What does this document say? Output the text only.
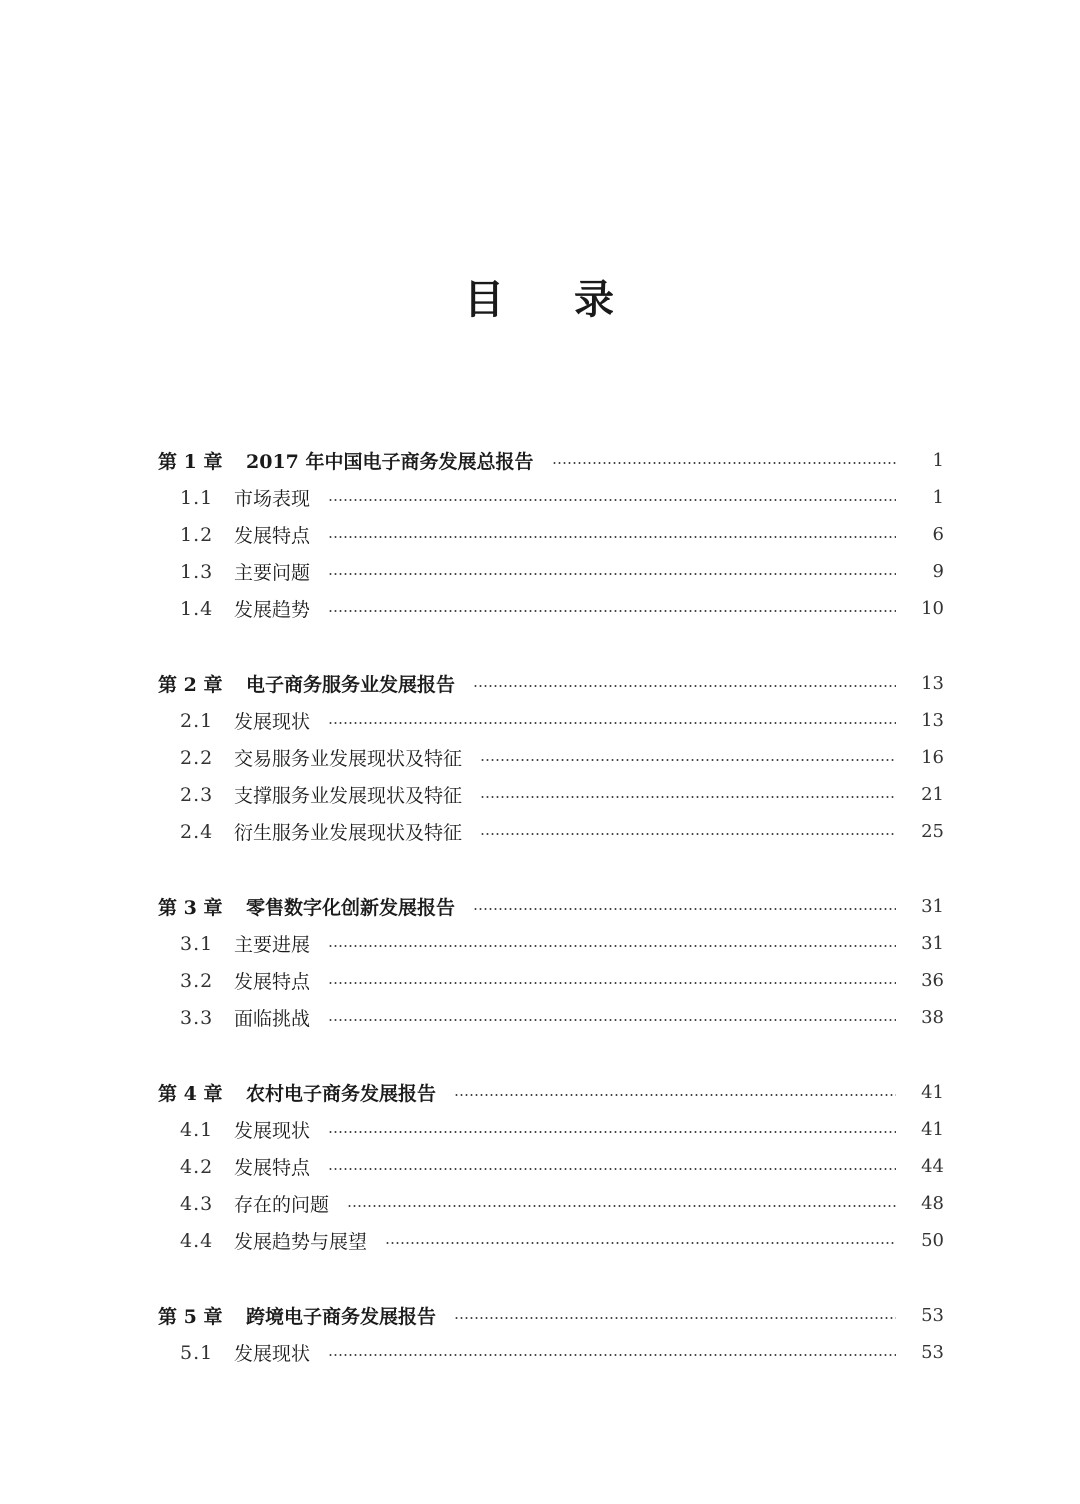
目 录
第 1 章	2017 年中国电子商务发展总报告	1
1.1	市场表现	1
1.2	发展特点	6
1.3	主要问题	9
1.4	发展趋势	10
第 2 章	电子商务服务业发展报告	13
2.1	发展现状	13
2.2	交易服务业发展现状及特征	16
2.3	支撑服务业发展现状及特征	21
2.4	衍生服务业发展现状及特征	25
第 3 章	零售数字化创新发展报告	31
3.1	主要进展	31
3.2	发展特点	36
3.3	面临挑战	38
第 4 章	农村电子商务发展报告	41
4.1	发展现状	41
4.2	发展特点	44
4.3	存在的问题	48
4.4	发展趋势与展望	50
第 5 章	跨境电子商务发展报告	53
5.1	发展现状	53
